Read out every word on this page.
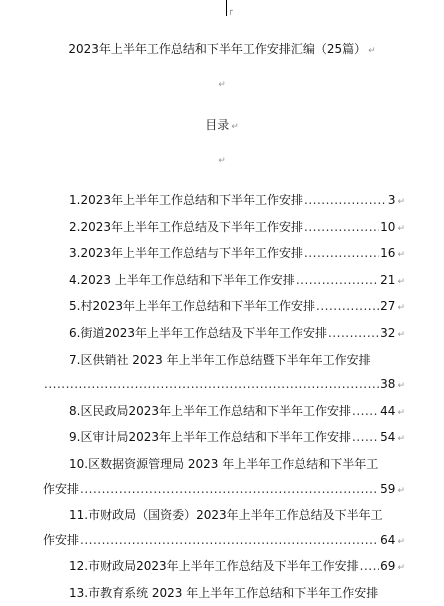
┌
2023年上半年工作总结和下半年工作安排汇编（25篇） ↵
↵
目录 ↵
↵
1.2023年上半年工作总结和下半年工作安排 .....	3 ↵
2.2023年上半年工作总结及下半年工作安排 .....	10 ↵
3.2023年上半年工作总结与下半年工作安排 .....	16 ↵
4.2023 上半年工作总结和下半年工作安排 .....	21 ↵
5.村2023年上半年工作总结和下半年工作安排 .....	27 ↵
6.街道2023年上半年工作总结及下半年工作安排 .....	32 ↵
7.区供销社 2023 年上半年工作总结暨下半年年工作安排
.....
38 ↵
8.区民政局2023年上半年工作总结和下半年工作安排 ..... 44 ↵
9.区审计局2023年上半年工作总结和下半年工作安排 ..... 54 ↵
10.区数据资源管理局 2023 年上半年工作总结和下半年工
作安排 .....	59 ↵
11.市财政局（国资委）2023年上半年工作总结及下半年工
作安排 .....	64 ↵
12.市财政局2023年上半年工作总结及下半年工作安排 ..... 69 ↵
13.市教育系统 2023 年上半年工作总结和下半年工作安排
